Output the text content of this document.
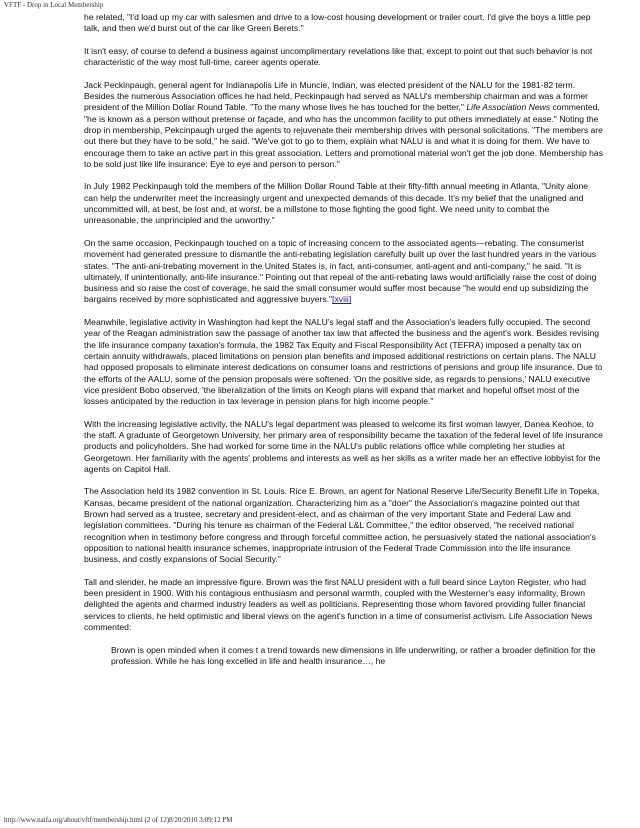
VFTF - Drop in Local Membership

he related, "I'd load up my car with salesmen and drive to a low-cost housing development or trailer court. I'd give the boys a little pep talk, and then we'd burst out of the car like Green Berets."

It isn't easy, of course to defend a business against uncomplimentary revelations like that, except to point out that such behavior is not characteristic of the way most full-time, career agents operate.

Jack Peckinpaugh, general agent for Indianapolis Life in Muncie, Indian, was elected president of the NALU for the 1981-82 term. Besides the numerous Association offices he had held, Peckinpaugh had served as NALU's membership chairman and was a former president of the Million Dollar Round Table. "To the many whose lives he has touched for the better," Life Association News commented, "he is known as a person without pretense or façade, and who has the uncommon facility to put others immediately at ease." Noting the drop in membership, Pekcinpaugh urged the agents to rejuvenate their membership drives with personal solicitations. "The members are out there but they have to be sold," he said. "We've got to go to them, explain what NALU is and what it is doing for them. We have to encourage them to take an active part in this great association. Letters and promotional material won't get the job done. Membership has to be sold just like life insurance: Eye to eye and person to person."

In July 1982 Peckinpaugh told the members of the Million Dollar Round Table at their fifty-fifth annual meeting in Atlanta, "Unity alone can help the underwriter meet the increasingly urgent and unexpected demands of this decade. It's my belief that the unaligned and uncommitted will, at best, be lost and, at worst, be a millstone to those fighting the good fight. We need unity to combat the unreasonable, the unprincipled and the unworthy."

On the same occasion, Peckinpaugh touched on a topic of increasing concern to the associated agents—rebating. The consumerist movement had generated pressure to dismantle the anti-rebating legislation carefully built up over the last hundred years in the various states. "The anti-ani-trebating movement in the United States is, in fact, anti-consumer, anti-agent and anti-company," he said. "It is ultimately, if unintentionally, anti-life insurance." Pointing out that repeal of the anti-rebating laws would artificially raise the cost of doing business and so raise the cost of coverage, he said the small consumer would suffer most because "he would end up subsidizing the bargains received by more sophisticated and aggressive buyers."[xviii]

Meanwhile, legislative activity in Washington had kept the NALU's legal staff and the Association's leaders fully occupied. The second year of the Reagan administration saw the passage of another tax law that affected the business and the agent's work. Besides revising the life insurance company taxation's formula, the 1982 Tax Equity and Fiscal Responsibility Act (TEFRA) imposed a penalty tax on certain annuity withdrawals, placed limitations on pension plan benefits and imposed additional restrictions on certain plans. The NALU had opposed proposals to eliminate interest dedications on consumer loans and restrictions of pensions and group life insurance. Due to the efforts of the AALU, some of the pension proposals were softened. 'On the positive side, as regards to pensions,' NALU executive vice president Bobo observed, 'the liberalization of the limits on Keogh plans will expand that market and hopeful offset most of the losses anticipated by the reduction in tax leverage in pension plans for high income people."

With the increasing legislative activity, the NALU's legal department was pleased to welcome its first woman lawyer, Danea Keohoe, to the staff. A graduate of Georgetown University, her primary area of responsibility became the taxation of the federal level of life insurance products and policyholders. She had worked for some time in the NALU's public relations office while completing her studies at Georgetown. Her familiarity with the agents' problems and interests as well as her skills as a writer made her an effective lobbyist for the agents on Capitol Hall.

The Association held its 1982 convention in St. Louis. Rice E. Brown, an agent for National Reserve Life/Security Benefit Life in Topeka, Kansas, became president of the national organization. Characterizing him as a "doer" the Association's magazine pointed out that Brown had served as a trustee, secretary and president-elect, and as chairman of the very important State and Federal Law and legislation committees. "During his tenure as chairman of the Federal L&L Committee," the editor observed, "he received national recognition when in testimony before congress and through forceful committee action, he persuasively stated the national association's opposition to national health insurance schemes, inappropriate intrusion of the Federal Trade Commission into the life insurance business, and costly expansions of Social Security."

Tall and slender, he made an impressive figure. Brown was the first NALU president with a full beard since Layton Register, who had been president in 1900. With his contagious enthusiasm and personal warmth, coupled with the Westerner's easy informality, Brown delighted the agents and charmed industry leaders as well as politicians. Representing those whom favored providing fuller financial services to clients, he held optimistic and liberal views on the agent's function in a time of consumerist activism. Life Association News commented:

Brown is open minded when it comes t a trend towards new dimensions in life underwriting, or rather a broader definition for the profession. While he has long excelled in life and health insurance…, he

http://www.naifa.org/about/vftf/membership.html (2 of 12)8/20/2010 3:09:12 PM
